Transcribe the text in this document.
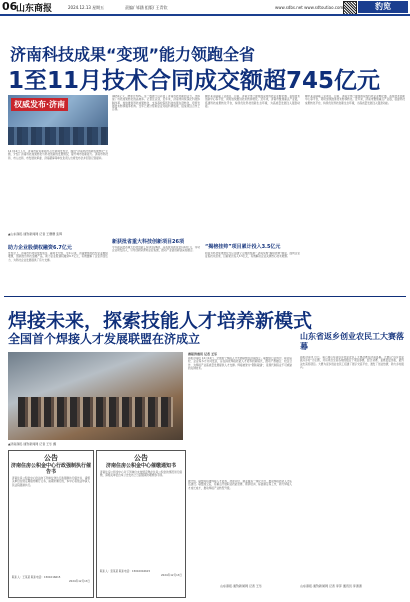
06
山东商报	2024.12.13 星期五	责编/ 邹涵 组版/ 王青钦	www.sdbs.net www.sdtoutiao.com	豹览
济南科技成果“变现”能力领跑全省
1至11月技术合同成交额超745亿元
权威发布·济南
12月12日下午，济南市政府新闻办召开新闻发布会，围绕“济南科技创新成果转化”主题，介绍了济南科技成果转化与科技创新的发展情况，提升城市创新能力。济南市科技局、市人社局、市发展改革委、济南超算等单位负责人出席发布会并回答记者提问。
▲山东商报·速豹新闻网 记者 王珊珊 张辉
40/51亿元，增速达70%。这一数据不仅彰显了济南科技创新的活力，也体现了科技成果转化的高效率。记者注意到，近年来，济南市持续深化科技体制改革，加快推进科技成果转化，支持高校院所科技成果在济转化，培育发展技术转移服务机构。全年已累计帮助企业对接科研成果、促成项目合作上百项。
魏中某关联联工业项目，目前，济南全市已建成国家级科技企业孵化器、省级技术创新中心等平台，同时加快推进技术转移转化。近年来，济南市聚焦重点产业链，搭建科技成果转化平台，持续优化科技创新生态环境，为高质量发展注入强劲动能。
魏中某关联联工业项目，目前，济南全市已建成国家级科技企业孵化器、省级技术创新中心等平台，同时加快推进技术转移转化。近年来，济南市聚焦重点产业链，搭建科技成果转化平台，持续优化科技创新生态环境，为高质量发展注入强劲动能。
助力企业股债权融资6.7亿元
新获批省重大科技创新项目26项
“揭榜挂帅”项目累计投入3.5亿元
发布会上，济南市科技局党组成员、副局长介绍，今年以来，济南聚焦科技型企业融资难题，创新推出科技金融产品，助力企业股债权融资6.7亿元，有效缓解了企业资金压力，为科技企业发展提供了有力支撑。
今年新获批省重大科技创新工程项目26项，获省级补助资金1.02亿元，带动企业研发投入，引导创新资源向企业集聚，推动产业链创新链深度融合。
如何为科技成果转化与应用建立合理的机制？济南实施“揭榜挂帅”制度，面向企业征集技术需求，目前累计投入3.5亿元，有效解决企业关键核心技术难题。
焊接未来，探索技能人才培养新模式
全国首个焊接人才发展联盟在济成立
▲济南商报·速豹新闻网 记者 王乐 摄
商报济南讯 记者 王乐
商报济南讯 12月12日，全国首个焊接人才发展联盟在济南成立。联盟由行业协会、职业院校、企业等多方共同发起，旨在探索焊接技能人才培养的新模式，推动产教融合、校企合作，为焊接产业高质量发展提供人才支撑。焊接被誉为“钢铁裁缝”，是现代制造业不可或缺的关键技术。
据介绍，联盟将搭建焊接人才培养、技能评价、就业服务一体化平台，推动焊接技能人才队伍建设。联盟成立后，将重点开展职业技能竞赛、师资培训、标准制定等工作，助力焊接人才成长成才，推动焊接产业转型升级。
山东商报·速豹新闻网 记者 王乐
山东省返乡创业农民工大赛落幕
商报济南讯 近日，第六届山东省返乡创业农民工大赛决赛在济南落幕。大赛以“返乡创业 振兴乡村”为主题，共有来自全省各地的数百个项目参赛，经过初赛、复赛层层选拔，最终决出获奖项目。大赛为返乡创业农民工搭建了展示交流平台，激发了创业热情，助力乡村振兴。
山东商报·速豹新闻网 记者 李萍 通讯员 李清清
公告
济南住房公积金中心行政强制执行催告书
济南住房公积金中心依法向下列单位送达行政强制执行催告书，请相关单位在规定期限内履行义务，逾期未履行的，本中心将依法申请人民法院强制执行。
联系人：王某某 联系电话：1501016615
2024年12月13日
公告
济南住房公积金中心催缴通知书
济南住房公积金中心对下列单位未按规定缴存住房公积金的情况进行催缴，请相关单位自本公告发布之日起限期办理缴存手续。
联系人：张某某 联系电话：15010016615
2024年12月13日
